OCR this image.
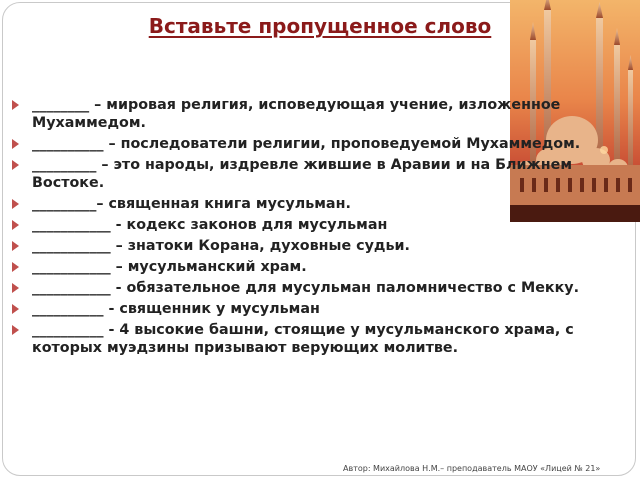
Вставьте пропущенное слово
________ – мировая религия, исповедующая учение, изложенное Мухаммедом.
__________ – последователи религии, проповедуемой Мухаммедом.
_________ – это народы, издревле жившие в Аравии и на Ближнем Востоке.
_________– священная книга мусульман.
___________ - кодекс законов для мусульман
___________ – знатоки Корана, духовные судьи.
___________ – мусульманский храм.
___________ - обязательное для мусульман паломничество с Мекку.
__________ - священник у мусульман
__________ - 4 высокие башни, стоящие у мусульманского храма, с которых муэдзины призывают верующих молитве.
Автор: Михайлова Н.М.– преподаватель МАОУ «Лицей № 21»
